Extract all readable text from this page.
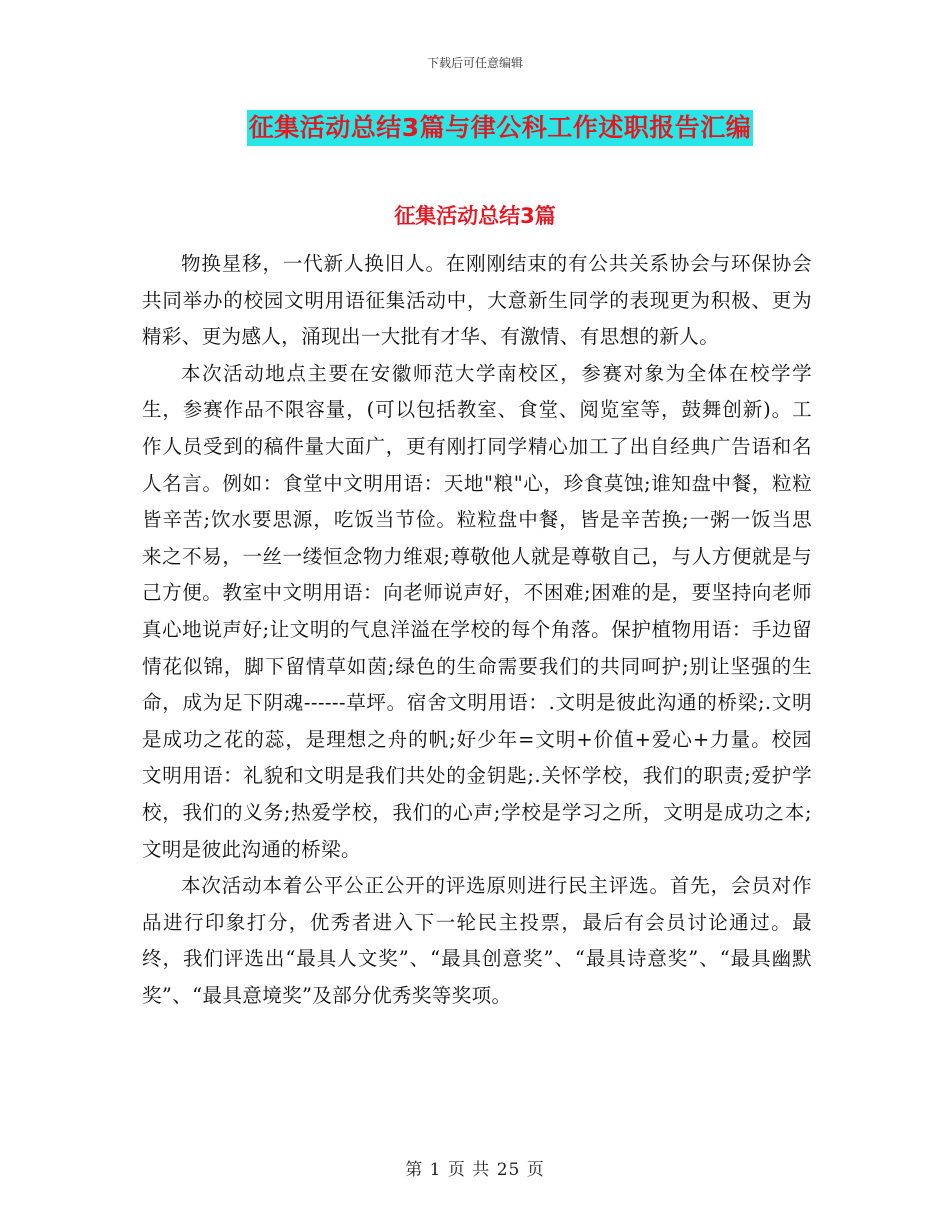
下载后可任意编辑
征集活动总结3篇与律公科工作述职报告汇编
征集活动总结3篇

物换星移，一代新人换旧人。在刚刚结束的有公共关系协会与环保协会共同举办的校园文明用语征集活动中，大意新生同学的表现更为积极、更为精彩、更为感人，涌现出一大批有才华、有激情、有思想的新人。

本次活动地点主要在安徽师范大学南校区，参赛对象为全体在校学学生，参赛作品不限容量，(可以包括教室、食堂、阅览室等，鼓舞创新)。工作人员受到的稿件量大面广，更有刚打同学精心加工了出自经典广告语和名人名言。例如：食堂中文明用语：天地"粮"心，珍食莫蚀;谁知盘中餐，粒粒皆辛苦;饮水要思源，吃饭当节俭。粒粒盘中餐，皆是辛苦换;一粥一饭当思来之不易，一丝一缕恒念物力维艰;尊敬他人就是尊敬自己，与人方便就是与己方便。教室中文明用语：向老师说声好，不困难;困难的是，要坚持向老师真心地说声好;让文明的气息洋溢在学校的每个角落。保护植物用语：手边留情花似锦，脚下留情草如茵;绿色的生命需要我们的共同呵护;别让坚强的生命，成为足下阴魂------草坪。宿舍文明用语：.文明是彼此沟通的桥梁;.文明是成功之花的蕊，是理想之舟的帆;好少年=文明+价值+爱心+力量。校园文明用语：礼貌和文明是我们共处的金钥匙;.关怀学校，我们的职责;爱护学校，我们的义务;热爱学校，我们的心声;学校是学习之所，文明是成功之本;文明是彼此沟通的桥梁。

本次活动本着公平公正公开的评选原则进行民主评选。首先，会员对作品进行印象打分，优秀者进入下一轮民主投票，最后有会员讨论通过。最终，我们评选出“最具人文奖”、“最具创意奖”、“最具诗意奖”、“最具幽默奖”、“最具意境奖”及部分优秀奖等奖项。

第 1 页 共 25 页
